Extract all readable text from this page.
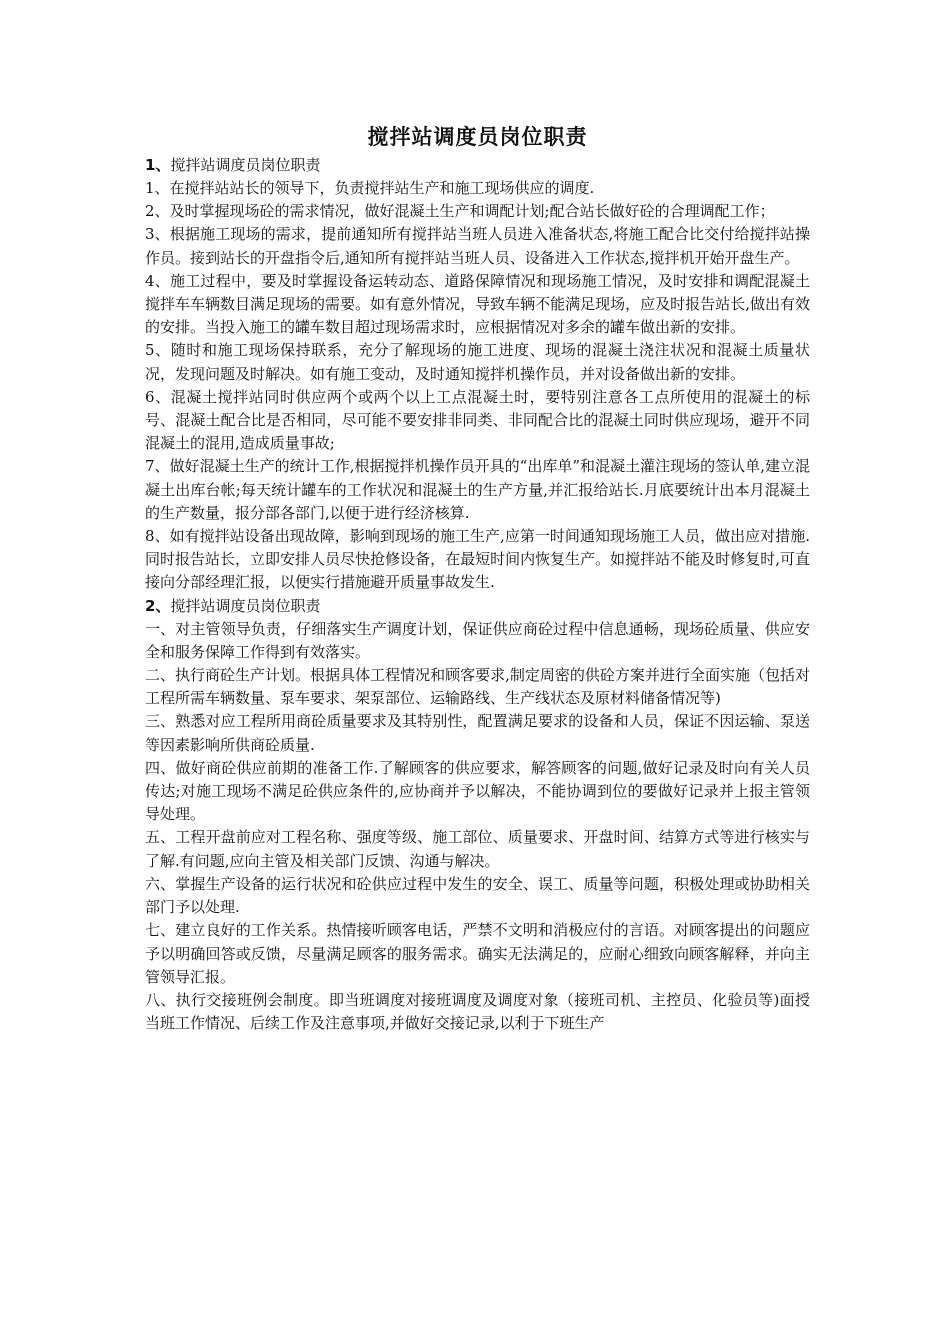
搅拌站调度员岗位职责

1、搅拌站调度员岗位职责

1、在搅拌站站长的领导下，负责搅拌站生产和施工现场供应的调度.

2、及时掌握现场砼的需求情况，做好混凝土生产和调配计划;配合站长做好砼的合理调配工作；

3、根据施工现场的需求，提前通知所有搅拌站当班人员进入准备状态,将施工配合比交付给搅拌站操作员。接到站长的开盘指令后,通知所有搅拌站当班人员、设备进入工作状态,搅拌机开始开盘生产。

4、施工过程中，要及时掌握设备运转动态、道路保障情况和现场施工情况，及时安排和调配混凝土搅拌车车辆数目满足现场的需要。如有意外情况，导致车辆不能满足现场，应及时报告站长,做出有效的安排。当投入施工的罐车数目超过现场需求时，应根据情况对多余的罐车做出新的安排。

5、随时和施工现场保持联系，充分了解现场的施工进度、现场的混凝土浇注状况和混凝土质量状况，发现问题及时解决。如有施工变动，及时通知搅拌机操作员，并对设备做出新的安排。

6、混凝土搅拌站同时供应两个或两个以上工点混凝土时，要特别注意各工点所使用的混凝土的标号、混凝土配合比是否相同，尽可能不要安排非同类、非同配合比的混凝土同时供应现场，避开不同混凝土的混用,造成质量事故;

7、做好混凝土生产的统计工作,根据搅拌机操作员开具的“出库单”和混凝土灌注现场的签认单,建立混凝土出库台帐;每天统计罐车的工作状况和混凝土的生产方量,并汇报给站长.月底要统计出本月混凝土的生产数量，报分部各部门,以便于进行经济核算.

8、如有搅拌站设备出现故障，影响到现场的施工生产,应第一时间通知现场施工人员，做出应对措施.同时报告站长，立即安排人员尽快抢修设备，在最短时间内恢复生产。如搅拌站不能及时修复时,可直接向分部经理汇报，以便实行措施避开质量事故发生.

2、搅拌站调度员岗位职责

一、对主管领导负责，仔细落实生产调度计划，保证供应商砼过程中信息通畅，现场砼质量、供应安全和服务保障工作得到有效落实。

二、执行商砼生产计划。根据具体工程情况和顾客要求,制定周密的供砼方案并进行全面实施（包括对工程所需车辆数量、泵车要求、架泵部位、运输路线、生产线状态及原材料储备情况等)

三、熟悉对应工程所用商砼质量要求及其特别性，配置满足要求的设备和人员，保证不因运输、泵送等因素影响所供商砼质量.

四、做好商砼供应前期的准备工作.了解顾客的供应要求，解答顾客的问题,做好记录及时向有关人员传达;对施工现场不满足砼供应条件的,应协商并予以解决，不能协调到位的要做好记录并上报主管领导处理。

五、工程开盘前应对工程名称、强度等级、施工部位、质量要求、开盘时间、结算方式等进行核实与了解.有问题,应向主管及相关部门反馈、沟通与解决。

六、掌握生产设备的运行状况和砼供应过程中发生的安全、误工、质量等问题，积极处理或协助相关部门予以处理.

七、建立良好的工作关系。热情接听顾客电话，严禁不文明和消极应付的言语。对顾客提出的问题应予以明确回答或反馈，尽量满足顾客的服务需求。确实无法满足的，应耐心细致向顾客解释，并向主管领导汇报。

八、执行交接班例会制度。即当班调度对接班调度及调度对象（接班司机、主控员、化验员等)面授当班工作情况、后续工作及注意事项,并做好交接记录,以利于下班生产
